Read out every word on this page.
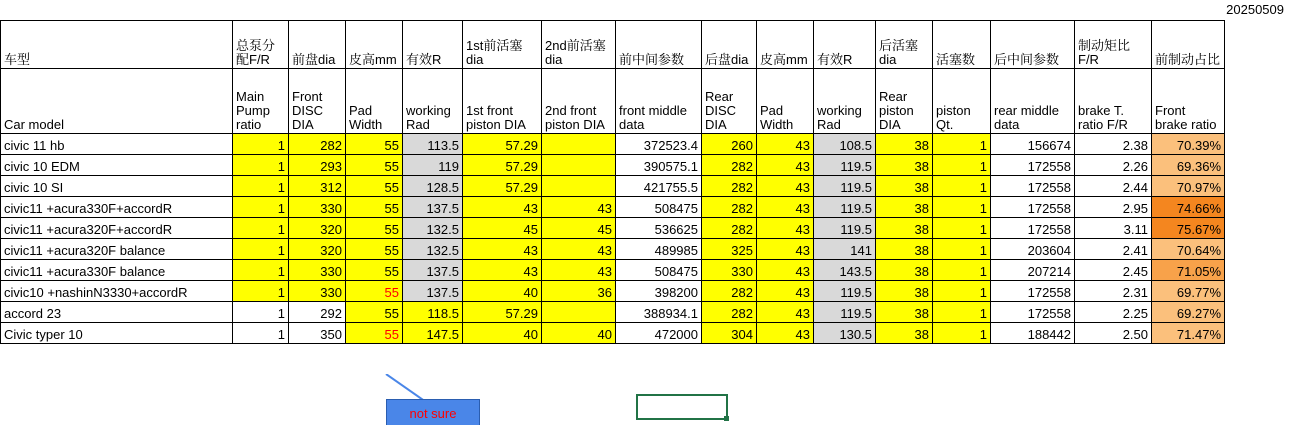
20250509
车型	总泵分配F/R	前盘dia	皮高mm	有效R	1st前活塞dia	2nd前活塞dia	前中间参数	后盘dia	皮高mm	有效R	后活塞dia	活塞数	后中间参数	制动矩比F/R	前制动占比
Car model	Main Pump ratio	Front DISC DIA	Pad Width	working Rad	1st front piston DIA	2nd front piston DIA	front middle data	Rear DISC DIA	Pad Width	working Rad	Rear piston DIA	piston Qt.	rear middle data	brake T. ratio F/R	Front brake ratio
civic 11 hb	1	282	55	113.5	57.29		372523.4	260	43	108.5	38	1	156674	2.38	70.39%
civic 10 EDM	1	293	55	119	57.29		390575.1	282	43	119.5	38	1	172558	2.26	69.36%
civic 10 SI	1	312	55	128.5	57.29		421755.5	282	43	119.5	38	1	172558	2.44	70.97%
civic11 +acura330F+accordR	1	330	55	137.5	43	43	508475	282	43	119.5	38	1	172558	2.95	74.66%
civic11 +acura320F+accordR	1	320	55	132.5	45	45	536625	282	43	119.5	38	1	172558	3.11	75.67%
civic11 +acura320F balance	1	320	55	132.5	43	43	489985	325	43	141	38	1	203604	2.41	70.64%
civic11 +acura330F balance	1	330	55	137.5	43	43	508475	330	43	143.5	38	1	207214	2.45	71.05%
civic10 +nashinN3330+accordR	1	330	55	137.5	40	36	398200	282	43	119.5	38	1	172558	2.31	69.77%
accord 23	1	292	55	118.5	57.29		388934.1	282	43	119.5	38	1	172558	2.25	69.27%
Civic typer 10	1	350	55	147.5	40	40	472000	304	43	130.5	38	1	188442	2.50	71.47%
not sure
